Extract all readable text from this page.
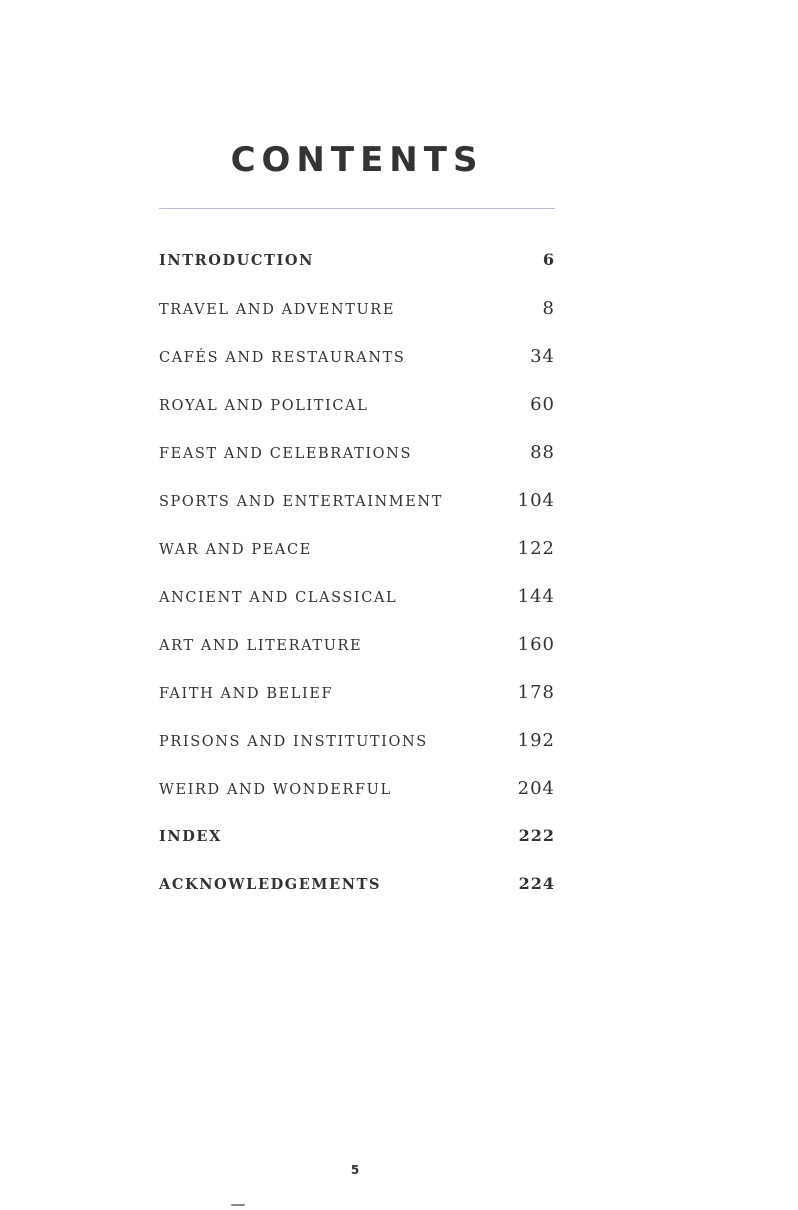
CONTENTS
INTRODUCTION	6
TRAVEL AND ADVENTURE	8
CAFÉS AND RESTAURANTS	34
ROYAL AND POLITICAL	60
FEAST AND CELEBRATIONS	88
SPORTS AND ENTERTAINMENT	104
WAR AND PEACE	122
ANCIENT AND CLASSICAL	144
ART AND LITERATURE	160
FAITH AND BELIEF	178
PRISONS AND INSTITUTIONS	192
WEIRD AND WONDERFUL	204
INDEX	222
ACKNOWLEDGEMENTS	224
5
